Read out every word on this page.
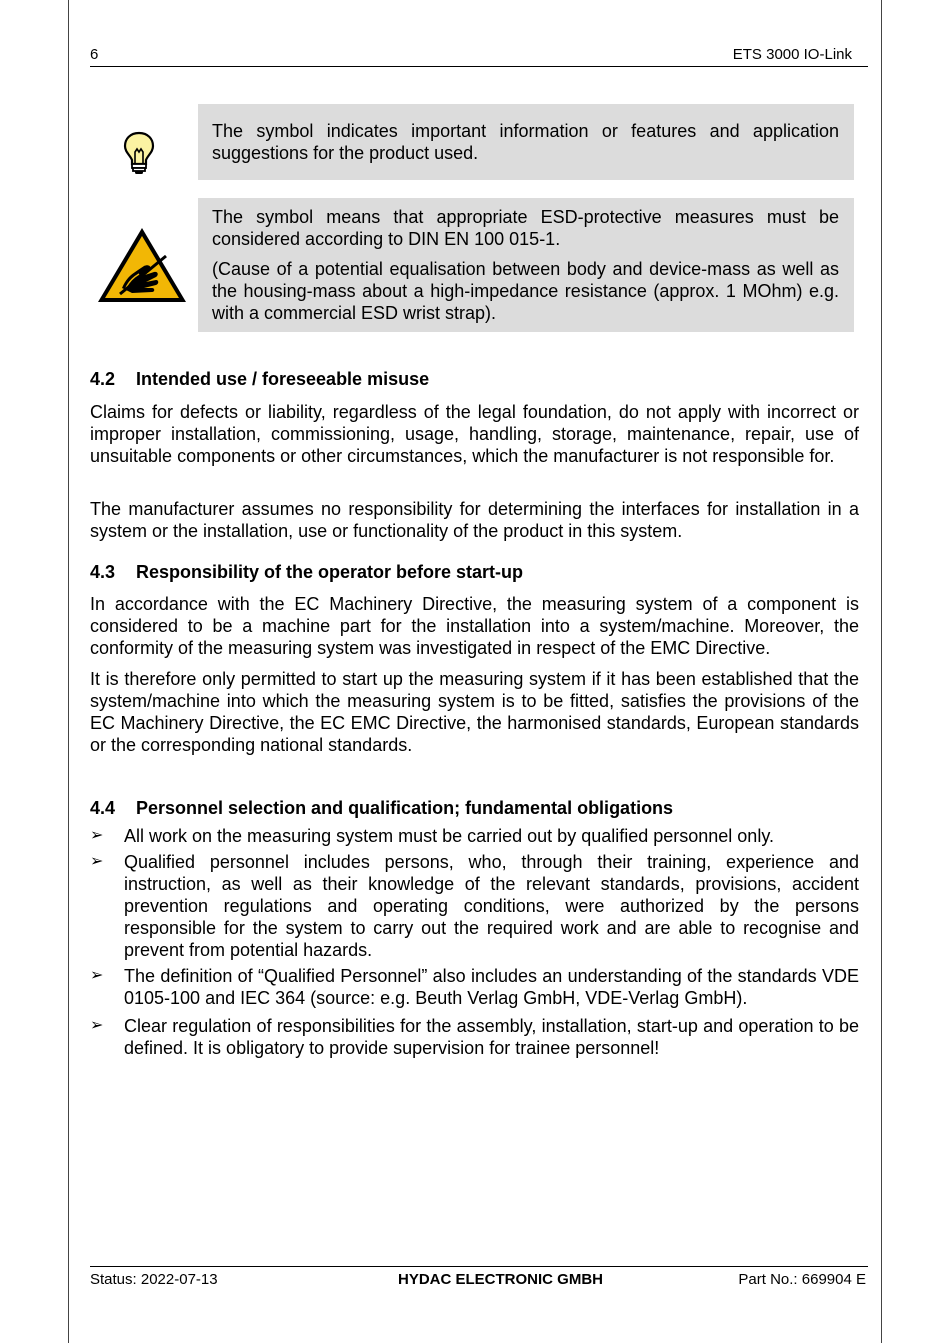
6	ETS 3000 IO-Link

The symbol indicates important information or features and application suggestions for the product used.

The symbol means that appropriate ESD-protective measures must be considered according to DIN EN 100 015-1.

(Cause of a potential equalisation between body and device-mass as well as the housing-mass about a high-impedance resistance (approx. 1 MOhm) e.g. with a commercial ESD wrist strap).

4.2 Intended use / foreseeable misuse

Claims for defects or liability, regardless of the legal foundation, do not apply with incorrect or improper installation, commissioning, usage, handling, storage, maintenance, repair, use of unsuitable components or other circumstances, which the manufacturer is not responsible for.

The manufacturer assumes no responsibility for determining the interfaces for installation in a system or the installation, use or functionality of the product in this system.

4.3 Responsibility of the operator before start-up

In accordance with the EC Machinery Directive, the measuring system of a component is considered to be a machine part for the installation into a system/machine. Moreover, the conformity of the measuring system was investigated in respect of the EMC Directive.

It is therefore only permitted to start up the measuring system if it has been established that the system/machine into which the measuring system is to be fitted, satisfies the provisions of the EC Machinery Directive, the EC EMC Directive, the harmonised standards, European standards or the corresponding national standards.

4.4 Personnel selection and qualification; fundamental obligations
➢ All work on the measuring system must be carried out by qualified personnel only.
➢ Qualified personnel includes persons, who, through their training, experience and instruction, as well as their knowledge of the relevant standards, provisions, accident prevention regulations and operating conditions, were authorized by the persons responsible for the system to carry out the required work and are able to recognise and prevent from potential hazards.
➢ The definition of “Qualified Personnel” also includes an understanding of the standards VDE 0105-100 and IEC 364 (source: e.g. Beuth Verlag GmbH, VDE-Verlag GmbH).
➢ Clear regulation of responsibilities for the assembly, installation, start-up and operation to be defined. It is obligatory to provide supervision for trainee personnel!
Status: 2022-07-13	HYDAC ELECTRONIC GMBH	Part No.: 669904 E
